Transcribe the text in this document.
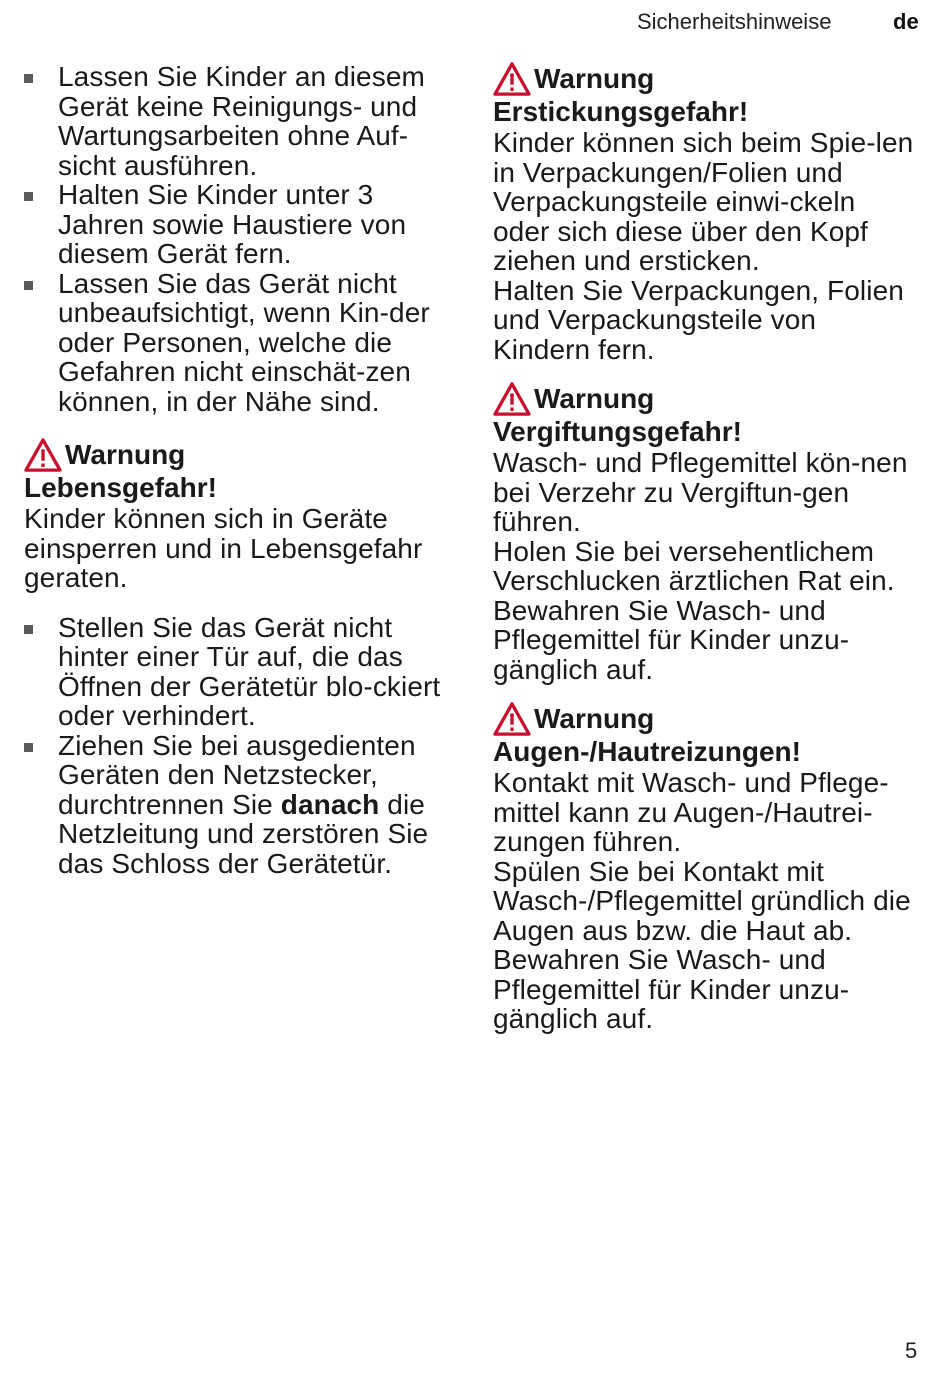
Sicherheitshinweise	de
Lassen Sie Kinder an diesem Gerät keine Reinigungs- und Wartungsarbeiten ohne Auf-sicht ausführen.
Halten Sie Kinder unter 3 Jahren sowie Haustiere von diesem Gerät fern.
Lassen Sie das Gerät nicht unbeaufsichtigt, wenn Kin-der oder Personen, welche die Gefahren nicht einschät-zen können, in der Nähe sind.
Warnung
Lebensgefahr!

Kinder können sich in Geräte einsperren und in Lebensgefahr geraten.

Stellen Sie das Gerät nicht hinter einer Tür auf, die das Öffnen der Gerätetür blo-ckiert oder verhindert.
Ziehen Sie bei ausgedienten Geräten den Netzstecker, durchtrennen Sie danach die Netzleitung und zerstören Sie das Schloss der Gerätetür.
Warnung
Erstickungsgefahr!

Kinder können sich beim Spie-len in Verpackungen/Folien und Verpackungsteile einwi-ckeln oder sich diese über den Kopf ziehen und ersticken.

Halten Sie Verpackungen, Folien und Verpackungsteile von Kindern fern.

Warnung
Vergiftungsgefahr!

Wasch- und Pflegemittel kön-nen bei Verzehr zu Vergiftun-gen führen.

Holen Sie bei versehentlichem Verschlucken ärztlichen Rat ein. Bewahren Sie Wasch- und Pflegemittel für Kinder unzu-gänglich auf.

Warnung
Augen-/Hautreizungen!

Kontakt mit Wasch- und Pflege-mittel kann zu Augen-/Hautrei-zungen führen.

Spülen Sie bei Kontakt mit Wasch-/Pflegemittel gründlich die Augen aus bzw. die Haut ab. Bewahren Sie Wasch- und Pflegemittel für Kinder unzu-gänglich auf.

5
